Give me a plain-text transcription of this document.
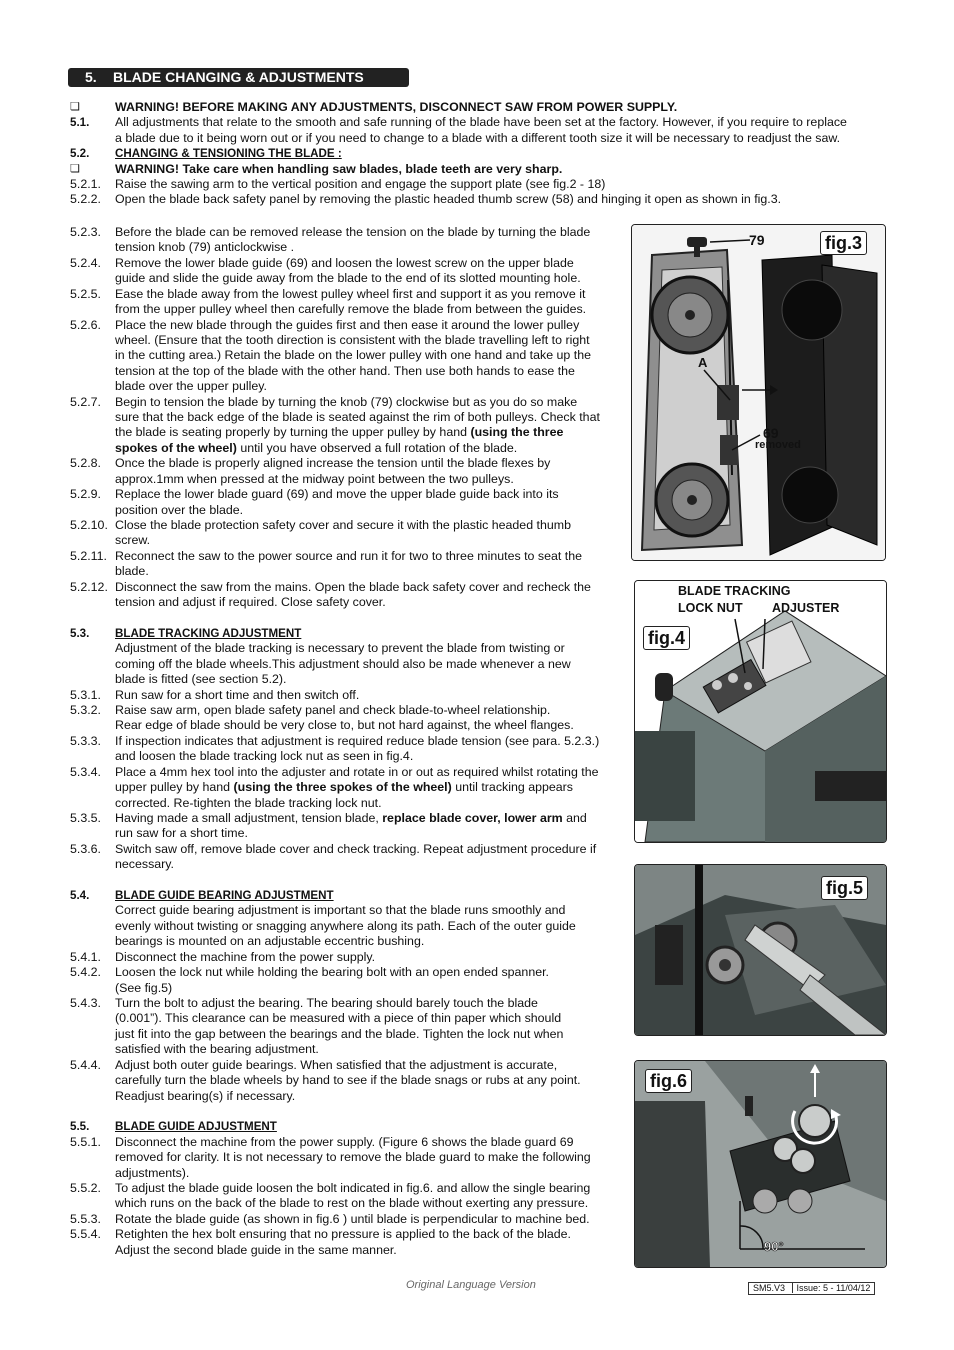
5. BLADE CHANGING & ADJUSTMENTS
❏	WARNING! BEFORE MAKING ANY ADJUSTMENTS, DISCONNECT SAW FROM POWER SUPPLY.
5.1. All adjustments that relate to the smooth and safe running of the blade have been set at the factory. However, if you require to replace
a blade due to it being worn out or if you need to change to a blade with a different tooth size it will be necessary to readjust the saw.
5.2. CHANGING & TENSIONING THE BLADE :
❏	WARNING! Take care when handling saw blades, blade teeth are very sharp.
5.2.1. Raise the sawing arm to the vertical position and engage the support plate (see fig.2 - 18)
5.2.2. Open the blade back safety panel by removing the plastic headed thumb screw (58) and hinging it open as shown in fig.3.
5.2.3. Before the blade can be removed release the tension on the blade by turning the blade
tension knob (79) anticlockwise .
5.2.4. Remove the lower blade guide (69) and loosen the lowest screw on the upper blade
guide and slide the guide away from the blade to the end of its slotted mounting hole.
5.2.5. Ease the blade away from the lowest pulley wheel first and support it as you remove it
from the upper pulley wheel then carefully remove the blade from between the guides.
5.2.6. Place the new blade through the guides first and then ease it around the lower pulley
wheel. (Ensure that the tooth direction is consistent with the blade travelling left to right
in the cutting area.) Retain the blade on the lower pulley with one hand and take up the
tension at the top of the blade with the other hand. Then use both hands to ease the
blade over the upper pulley.
5.2.7. Begin to tension the blade by turning the knob (79) clockwise but as you do so make
sure that the back edge of the blade is seated against the rim of both pulleys. Check that
the blade is seating properly by turning the upper pulley by hand (using the three
spokes of the wheel) until you have observed a full rotation of the blade.
5.2.8. Once the blade is properly aligned increase the tension until the blade flexes by
approx.1mm when pressed at the midway point between the two pulleys.
5.2.9. Replace the lower blade guard (69) and move the upper blade guide back into its
position over the blade.
5.2.10. Close the blade protection safety cover and secure it with the plastic headed thumb
screw.
5.2.11. Reconnect the saw to the power source and run it for two to three minutes to seat the
blade.
5.2.12. Disconnect the saw from the mains. Open the blade back safety cover and recheck the
tension and adjust if required. Close safety cover.
5.3. BLADE TRACKING ADJUSTMENT
Adjustment of the blade tracking is necessary to prevent the blade from twisting or
coming off the blade wheels.This adjustment should also be made whenever a new
blade is fitted (see section 5.2).
5.3.1. Run saw for a short time and then switch off.
5.3.2. Raise saw arm, open blade safety panel and check blade-to-wheel relationship.
Rear edge of blade should be very close to, but not hard against, the wheel flanges.
5.3.3. If inspection indicates that adjustment is required reduce blade tension (see para. 5.2.3.)
and loosen the blade tracking lock nut as seen in fig.4.
5.3.4. Place a 4mm hex tool into the adjuster and rotate in or out as required whilst rotating the
upper pulley by hand (using the three spokes of the wheel) until tracking appears
corrected. Re-tighten the blade tracking lock nut.
5.3.5. Having made a small adjustment, tension blade, replace blade cover, lower arm and
run saw for a short time.
5.3.6. Switch saw off, remove blade cover and check tracking. Repeat adjustment procedure if
necessary.
5.4. BLADE GUIDE BEARING ADJUSTMENT
Correct guide bearing adjustment is important so that the blade runs smoothly and
evenly without twisting or snagging anywhere along its path. Each of the outer guide
bearings is mounted on an adjustable eccentric bushing.
5.4.1. Disconnect the machine from the power supply.
5.4.2. Loosen the lock nut while holding the bearing bolt with an open ended spanner.
(See fig.5)
5.4.3. Turn the bolt to adjust the bearing. The bearing should barely touch the blade
(0.001”). This clearance can be measured with a piece of thin paper which should
just fit into the gap between the bearings and the blade. Tighten the lock nut when
satisfied with the bearing adjustment.
5.4.4. Adjust both outer guide bearings. When satisfied that the adjustment is accurate,
carefully turn the blade wheels by hand to see if the blade snags or rubs at any point.
Readjust bearing(s) if necessary.
5.5. BLADE GUIDE ADJUSTMENT
5.5.1. Disconnect the machine from the power supply. (Figure 6 shows the blade guard 69
removed for clarity. It is not necessary to remove the blade guard to make the following
adjustments).
5.5.2. To adjust the blade guide loosen the bolt indicated in fig.6. and allow the single bearing
which runs on the back of the blade to rest on the blade without exerting any pressure.
5.5.3. Rotate the blade guide (as shown in fig.6 ) until blade is perpendicular to machine bed.
5.5.4. Retighten the hex bolt ensuring that no pressure is applied to the back of the blade.
Adjust the second blade guide in the same manner.
fig.3
79
A
69
removed
BLADE TRACKING
LOCK NUT ADJUSTER
fig.4
fig.5
fig.6
90°
Original Language Version	SM5.V3 Issue: 5 - 11/04/12
